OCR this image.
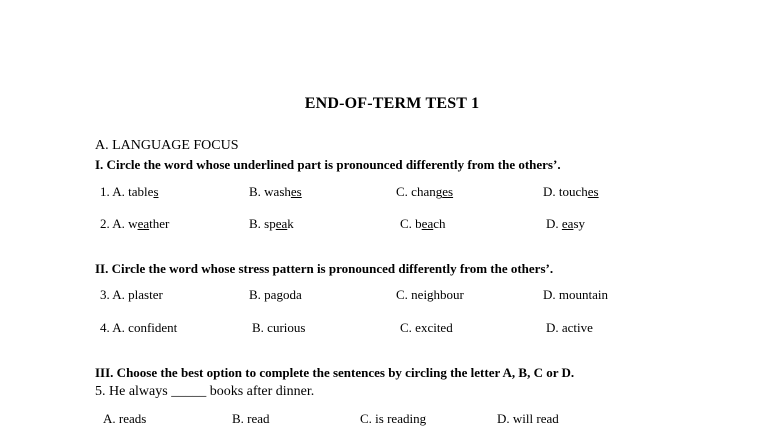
END-OF-TERM TEST 1
A. LANGUAGE FOCUS
I. Circle the word whose underlined part is pronounced differently from the others’.
1. A. tables	B. washes	C. changes	D. touches
2. A. weather	B. speak	C. beach	D. easy
II. Circle the word whose stress pattern is pronounced differently from the others’.
3. A. plaster	B. pagoda	C. neighbour	D. mountain
4. A. confident	B. curious	C. excited	D. active
III. Choose the best option to complete the sentences by circling the letter A, B, C or D.
5. He always _____ books after dinner.
A. reads	B. read	C. is reading	D. will read
